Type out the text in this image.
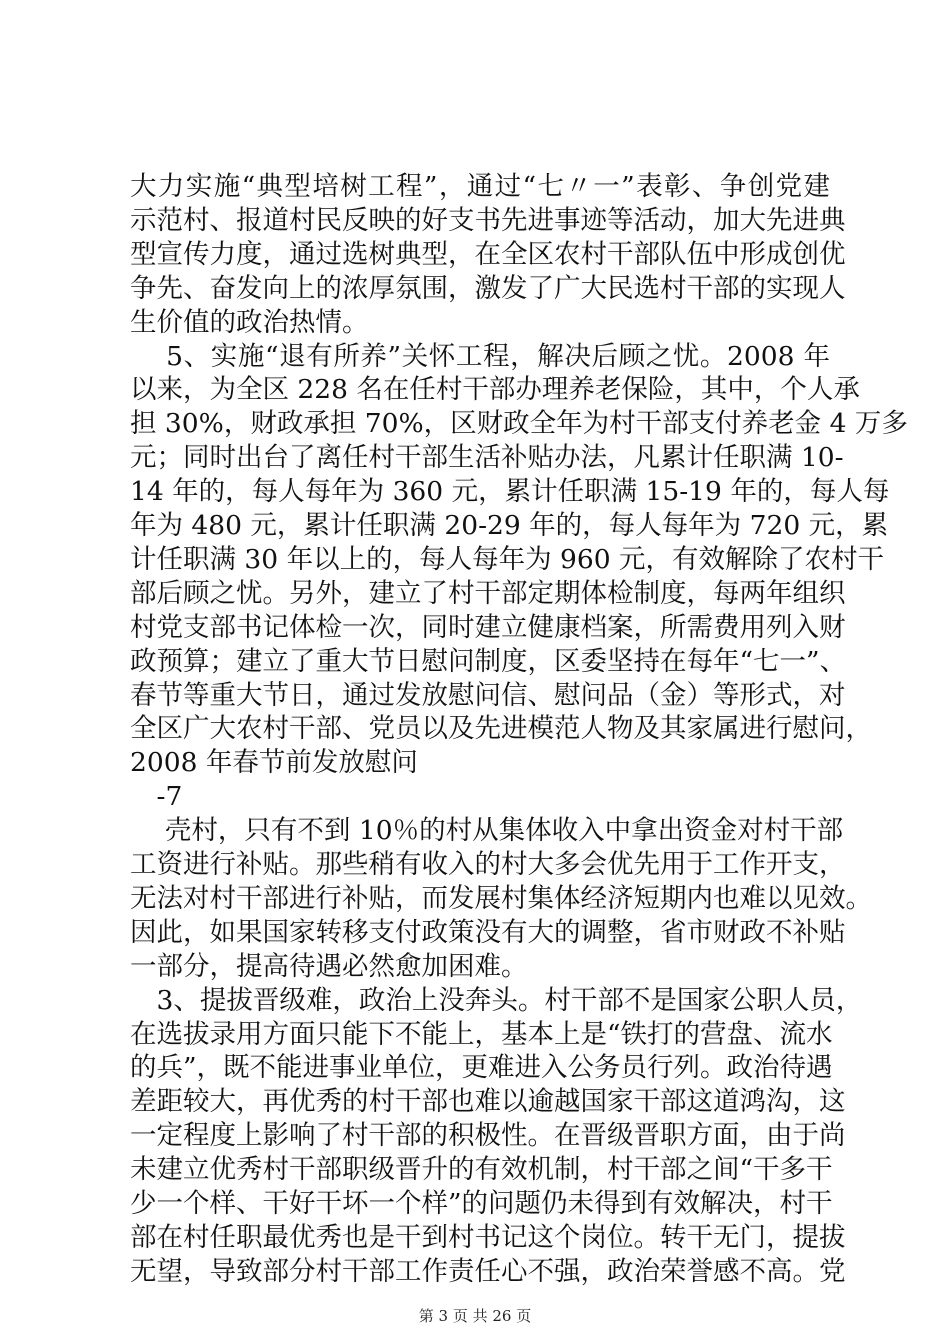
大力实施“典型培树工程”，通过“七〃一”表彰、争创党建
示范村、报道村民反映的好支书先进事迹等活动，加大先进典
型宣传力度，通过选树典型，在全区农村干部队伍中形成创优
争先、奋发向上的浓厚氛围，激发了广大民选村干部的实现人
生价值的政治热情。
　 5、实施“退有所养”关怀工程，解决后顾之忧。2008 年
以来，为全区 228 名在任村干部办理养老保险，其中，个人承
担 30%，财政承担 70%，区财政全年为村干部支付养老金 4 万多
元；同时出台了离任村干部生活补贴办法，凡累计任职满 10-
14 年的，每人每年为 360 元，累计任职满 15-19 年的，每人每
年为 480 元，累计任职满 20-29 年的，每人每年为 720 元，累
计任职满 30 年以上的，每人每年为 960 元，有效解除了农村干
部后顾之忧。另外，建立了村干部定期体检制度，每两年组织
村党支部书记体检一次，同时建立健康档案，所需费用列入财
政预算；建立了重大节日慰问制度，区委坚持在每年“七一”、
春节等重大节日，通过发放慰问信、慰问品（金）等形式，对
全区广大农村干部、党员以及先进模范人物及其家属进行慰问，
2008 年春节前发放慰问
　-7
　 壳村，只有不到 10％的村从集体收入中拿出资金对村干部
工资进行补贴。那些稍有收入的村大多会优先用于工作开支，
无法对村干部进行补贴，而发展村集体经济短期内也难以见效。
因此，如果国家转移支付政策没有大的调整，省市财政不补贴
一部分，提高待遇必然愈加困难。
　3、提拔晋级难，政治上没奔头。村干部不是国家公职人员，
在选拔录用方面只能下不能上，基本上是“铁打的营盘、流水
的兵”，既不能进事业单位，更难进入公务员行列。政治待遇
差距较大，再优秀的村干部也难以逾越国家干部这道鸿沟，这
一定程度上影响了村干部的积极性。在晋级晋职方面，由于尚
未建立优秀村干部职级晋升的有效机制，村干部之间“干多干
少一个样、干好干坏一个样”的问题仍未得到有效解决，村干
部在村任职最优秀也是干到村书记这个岗位。转干无门，提拔
无望，导致部分村干部工作责任心不强，政治荣誉感不高。党
第 3 页 共 26 页
